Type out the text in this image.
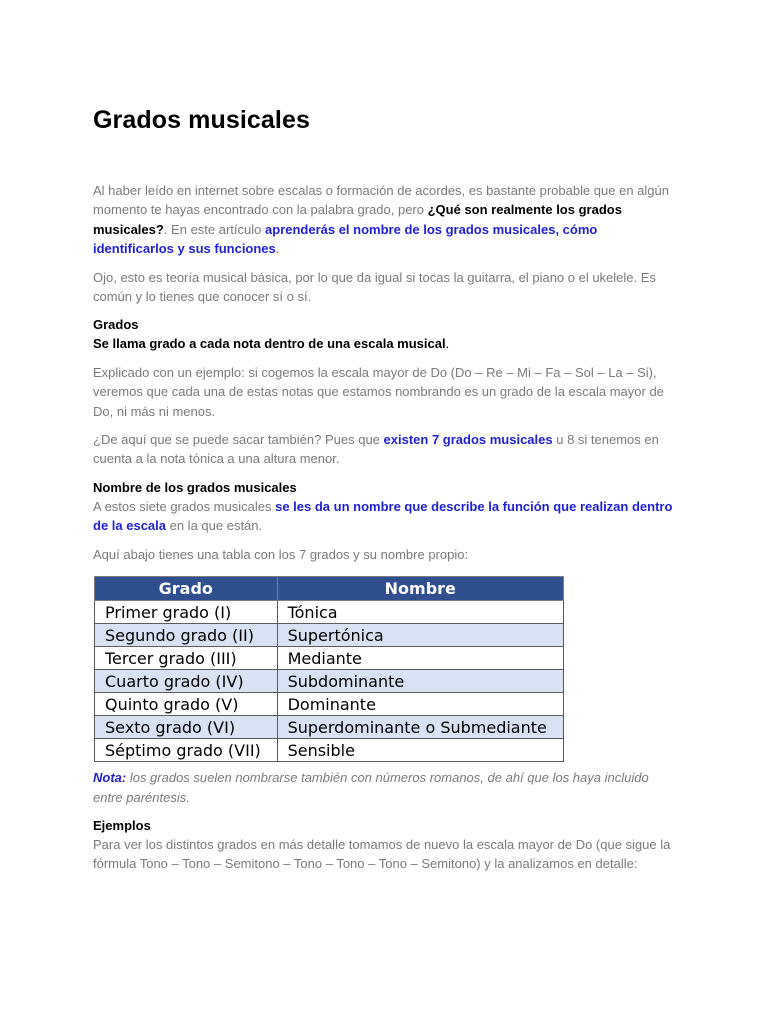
Grados musicales

Al haber leído en internet sobre escalas o formación de acordes, es bastante probable que en algún momento te hayas encontrado con la palabra grado, pero ¿Qué son realmente los grados musicales?. En este artículo aprenderás el nombre de los grados musicales, cómo identificarlos y sus funciones.

Ojo, esto es teoría musical básica, por lo que da igual si tocas la guitarra, el piano o el ukelele. Es común y lo tienes que conocer sí o sí.

Grados

Se llama grado a cada nota dentro de una escala musical.

Explicado con un ejemplo: si cogemos la escala mayor de Do (Do – Re – Mi – Fa – Sol – La – Si), veremos que cada una de estas notas que estamos nombrando es un grado de la escala mayor de Do, ni más ni menos.

¿De aquí que se puede sacar también? Pues que existen 7 grados musicales u 8 si tenemos en cuenta a la nota tónica a una altura menor.

Nombre de los grados musicales

A estos siete grados musicales se les da un nombre que describe la función que realizan dentro de la escala en la que están.

Aquí abajo tienes una tabla con los 7 grados y su nombre propio:

Grado	Nombre
Primer grado (I)	Tónica
Segundo grado (II)	Supertónica
Tercer grado (III)	Mediante
Cuarto grado (IV)	Subdominante
Quinto grado (V)	Dominante
Sexto grado (VI)	Superdominante o Submediante
Séptimo grado (VII)	Sensible

Nota: los grados suelen nombrarse también con números romanos, de ahí que los haya incluido entre paréntesis.

Ejemplos

Para ver los distintos grados en más detalle tomamos de nuevo la escala mayor de Do (que sigue la fórmula Tono – Tono – Semitono – Tono – Tono – Tono – Semitono) y la analizamos en detalle:
